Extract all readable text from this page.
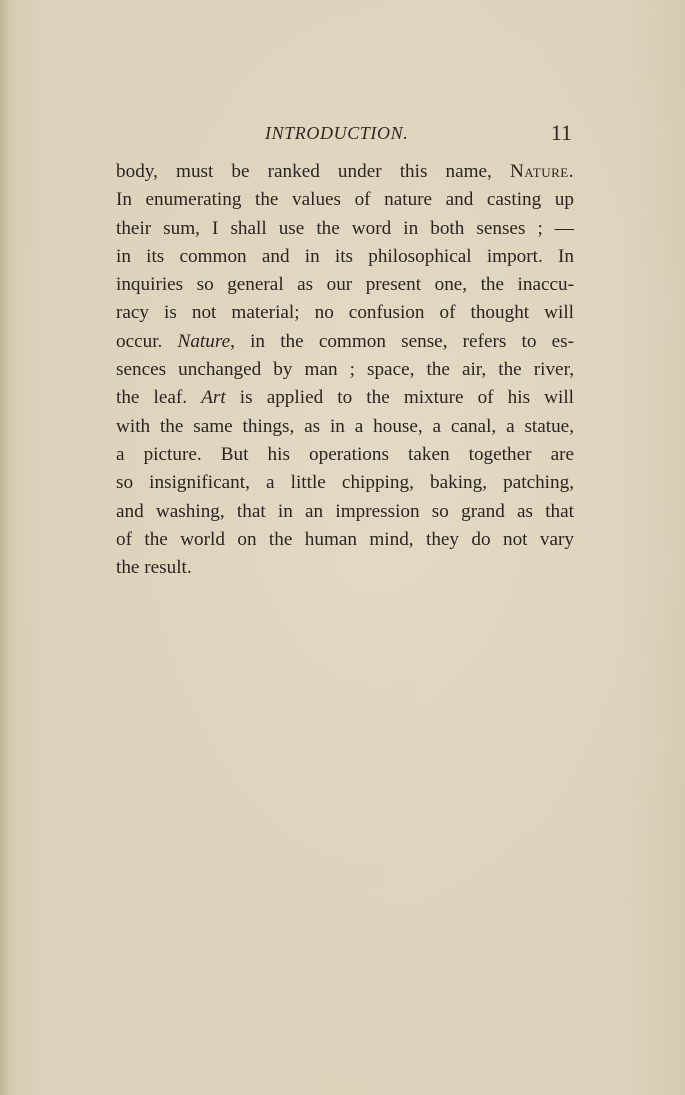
INTRODUCTION.	11
body, must be ranked under this name, Nature.
In enumerating the values of nature and casting up
their sum, I shall use the word in both senses ; —
in its common and in its philosophical import. In
inquiries so general as our present one, the inaccu-
racy is not material; no confusion of thought will
occur. Nature, in the common sense, refers to es-
sences unchanged by man ; space, the air, the river,
the leaf. Art is applied to the mixture of his will
with the same things, as in a house, a canal, a statue,
a picture. But his operations taken together are
so insignificant, a little chipping, baking, patching,
and washing, that in an impression so grand as that
of the world on the human mind, they do not vary
the result.
